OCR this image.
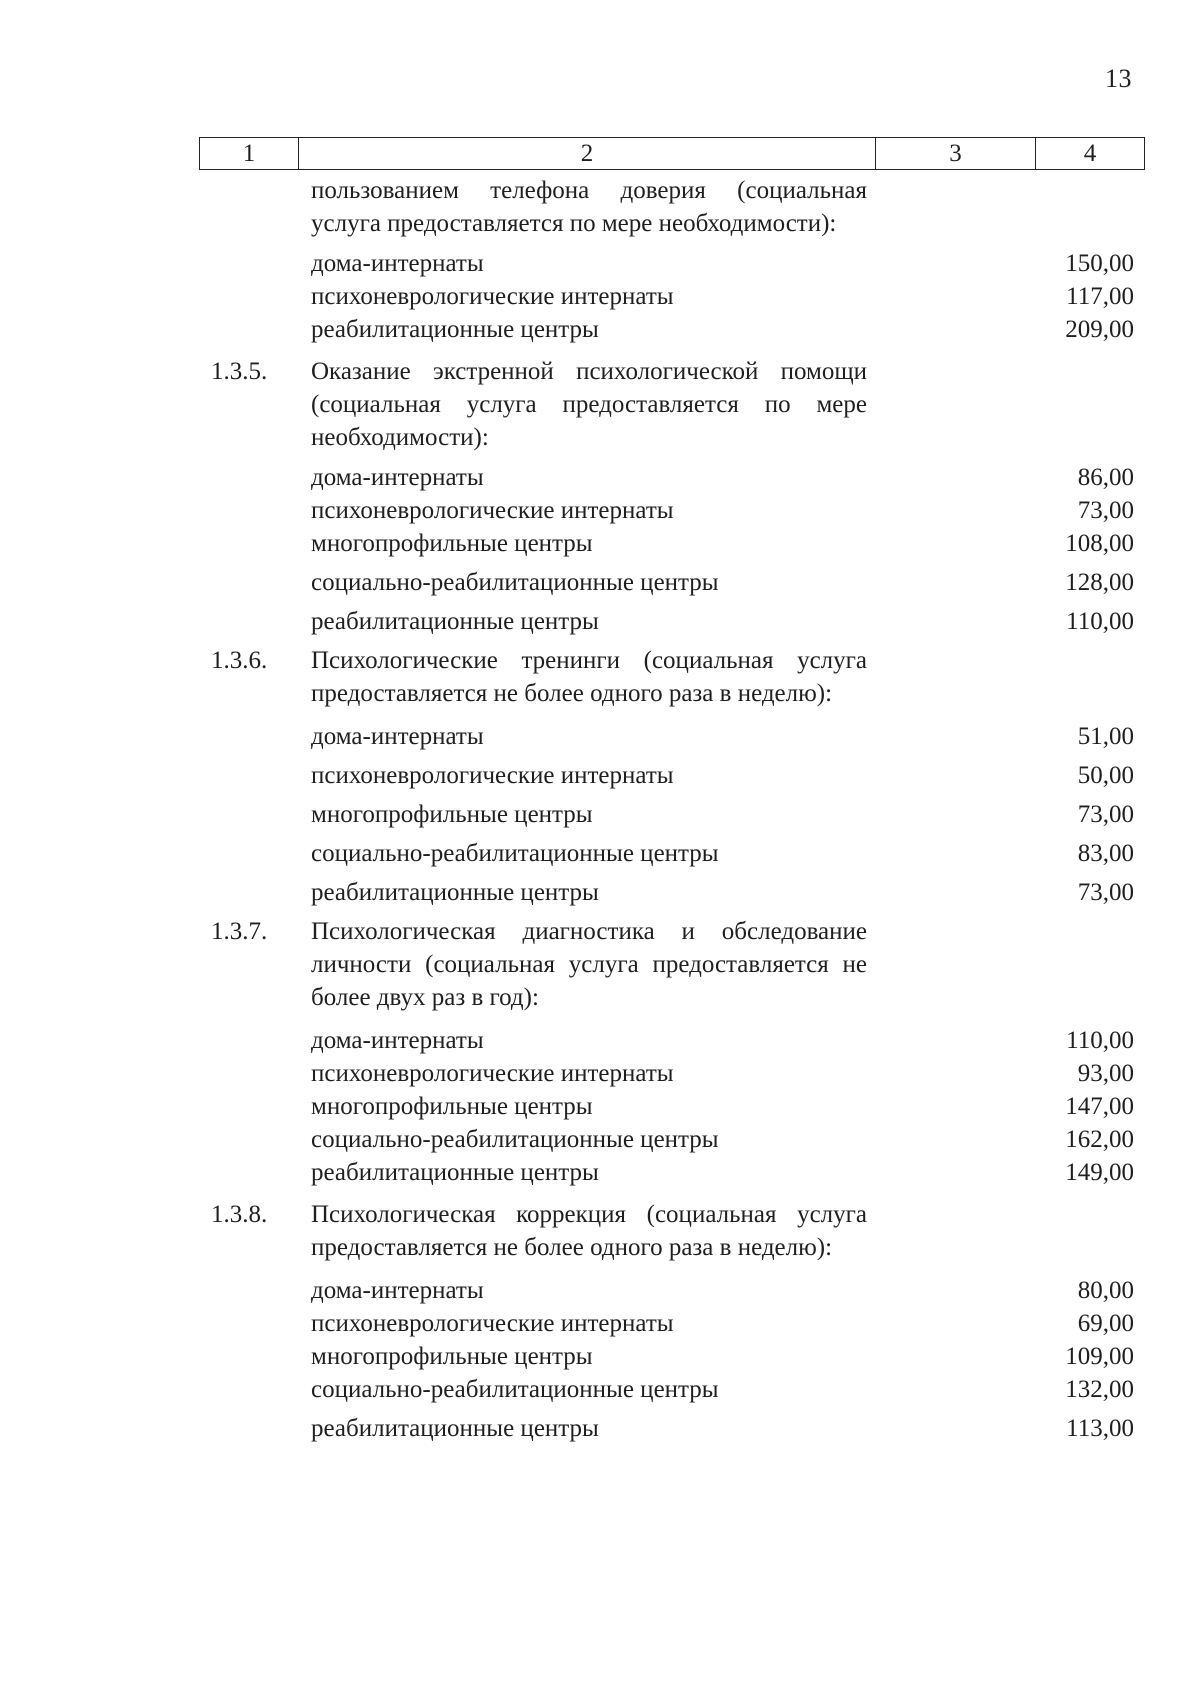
13
1	2	3	4
пользованием телефона доверия (социальная услуга предоставляется по мере необходимости):
дома-интернаты	150,00
психоневрологические интернаты	117,00
реабилитационные центры	209,00
1.3.5.	Оказание экстренной психологической помощи (социальная услуга предоставляется по мере необходимости):
дома-интернаты	86,00
психоневрологические интернаты	73,00
многопрофильные центры	108,00
социально-реабилитационные центры	128,00
реабилитационные центры	110,00
1.3.6.	Психологические тренинги (социальная услуга предоставляется не более одного раза в неделю):
дома-интернаты	51,00
психоневрологические интернаты	50,00
многопрофильные центры	73,00
социально-реабилитационные центры	83,00
реабилитационные центры	73,00
1.3.7.	Психологическая диагностика и обследование личности (социальная услуга предоставляется не более двух раз в год):
дома-интернаты	110,00
психоневрологические интернаты	93,00
многопрофильные центры	147,00
социально-реабилитационные центры	162,00
реабилитационные центры	149,00
1.3.8.	Психологическая коррекция (социальная услуга предоставляется не более одного раза в неделю):
дома-интернаты	80,00
психоневрологические интернаты	69,00
многопрофильные центры	109,00
социально-реабилитационные центры	132,00
реабилитационные центры	113,00
